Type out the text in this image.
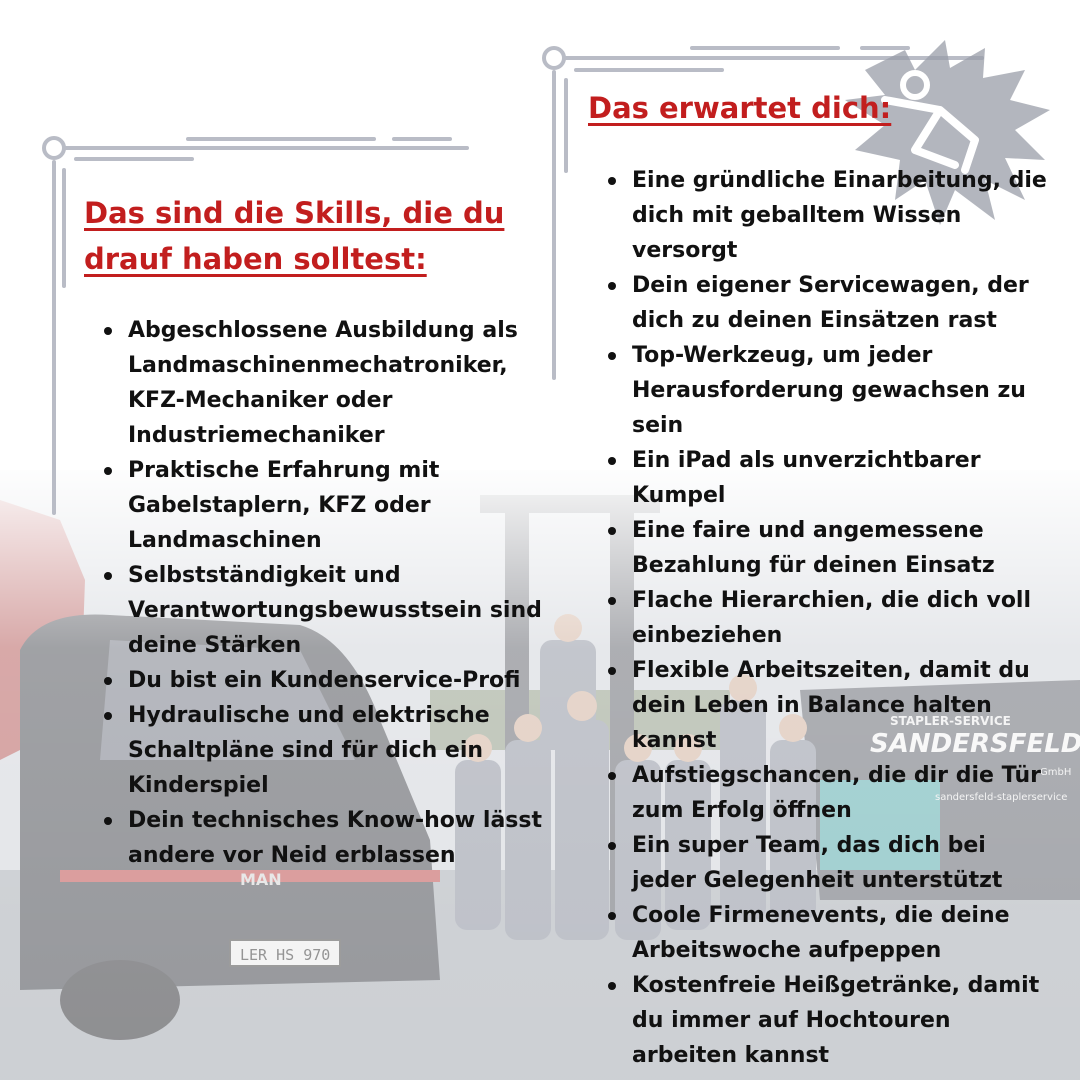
Das sind die Skills, die du drauf haben solltest:
Abgeschlossene Ausbildung als Landmaschinenmechatroniker, KFZ-Mechaniker oder Industriemechaniker
Praktische Erfahrung mit Gabelstaplern, KFZ oder Landmaschinen
Selbstständigkeit und Verantwortungsbewusstsein sind deine Stärken
Du bist ein Kundenservice-Profi
Hydraulische und elektrische Schaltpläne sind für dich ein Kinderspiel
Dein technisches Know-how lässt andere vor Neid erblassen
Das erwartet dich:
Eine gründliche Einarbeitung, die dich mit geballtem Wissen versorgt
Dein eigener Servicewagen, der dich zu deinen Einsätzen rast
Top-Werkzeug, um jeder Herausforderung gewachsen zu sein
Ein iPad als unverzichtbarer Kumpel
Eine faire und angemessene Bezahlung für deinen Einsatz
Flache Hierarchien, die dich voll einbeziehen
Flexible Arbeitszeiten, damit du dein Leben in Balance halten kannst
Aufstiegschancen, die dir die Tür zum Erfolg öffnen
Ein super Team, das dich bei jeder Gelegenheit unterstützt
Coole Firmenevents, die deine Arbeitswoche aufpeppen
Kostenfreie Heißgetränke, damit du immer auf Hochtouren arbeiten kannst
